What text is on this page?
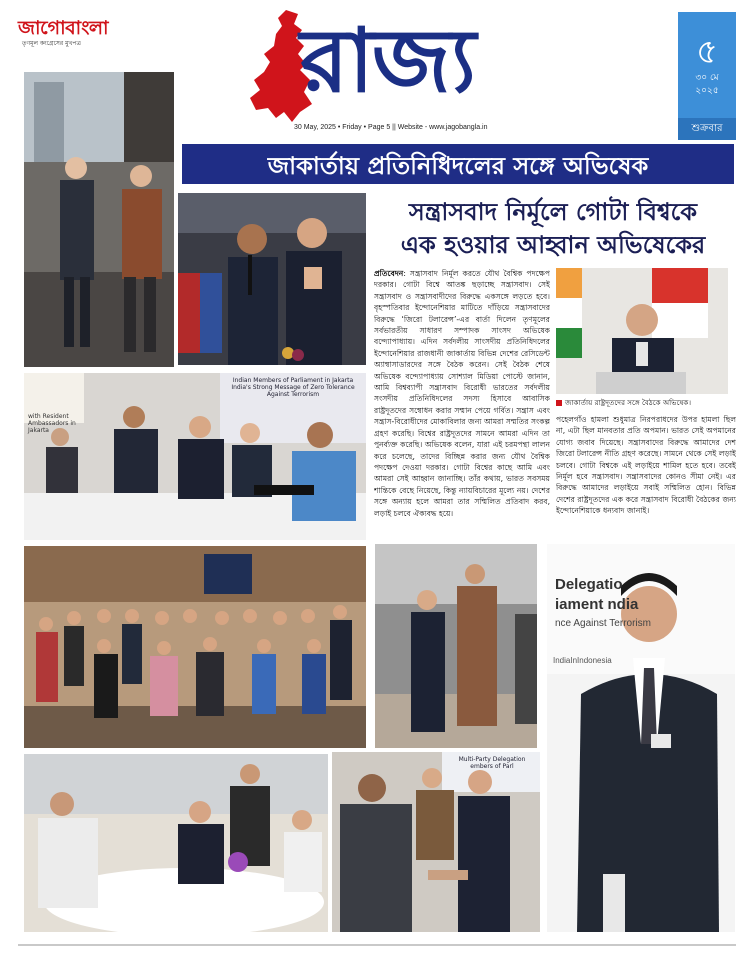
জাগোবাংলা
তৃণমূল কংগ্রেসের মুখপত্র রাজ্য
30 May, 2025 • Friday • Page 5 || Website - www.jagobangla.in
৫
৩০ মে
২০২৫
শুক্রবার
জাকার্তায় প্রতিনিধিদলের সঙ্গে অভিষেক
সন্ত্রাসবাদ নির্মূলে গোটা বিশ্বকে
এক হওয়ার আহ্বান অভিষেকের
প্রতিবেদন: সন্ত্রাসবাদ নির্মূল করতে যৌথ বৈশ্বিক পদক্ষেপ দরকার। গোটা বিশ্বে আতঙ্ক ছড়াচ্ছে সন্ত্রাসবাদ। সেই সন্ত্রাসবাদ ও সন্ত্রাসবাদীদের বিরুদ্ধে একসঙ্গে লড়তে হবে। বৃহস্পতিবার ইন্দোনেশিয়ার মাটিতে দাঁড়িয়ে সন্ত্রাসবাদের বিরুদ্ধে ‘জিরো টলারেন্স’-এর বার্তা দিলেন তৃণমূলের সর্বভারতীয় সাধারণ সম্পাদক সাংসদ অভিষেক বন্দ্যোপাধ্যায়। এদিন সর্বদলীয় সাংসদীয় প্রতিনিধিদলের ইন্দোনেশিয়ার রাজধানী জাকার্তায় বিভিন্ন দেশের রেসিডেন্ট অ্যাম্বাসাডারদের সঙ্গে বৈঠক করেন। সেই বৈঠক শেষে অভিষেক বন্দ্যোপাধ্যায় সোশ্যাল মিডিয়া পোস্টে জানান, আমি বিশ্বব্যাপী সন্ত্রাসবাদ বিরোধী ভারতের সর্বদলীয় সংসদীয় প্রতিনিধিদলের সদস্য হিসাবে আবাসিক রাষ্ট্রদূতদের সম্বোধন করার সম্মান পেয়ে গর্বিত। সন্ত্রাস এবং সন্ত্রাস-বিরোধীদের মোকাবিলার জন্য আমরা সম্মতির সংকল্প গ্রহণ করেছি। বিশ্বের রাষ্ট্রদূতদের সামনে আমরা এদিন তা পুনর্ব্যক্ত করেছি। অভিষেক বলেন, যারা এই চরমপন্থা লালন করে চলেছে, তাদের বিচ্ছিন্ন করার জন্য যৌথ বৈশ্বিক পদক্ষেপ দেওয়া দরকার। গোটা বিশ্বের কাছে আমি এবং আমরা সেই আহ্বান জানাচ্ছি। তাঁর কথায়, ভারত সবসময় শান্তিকে বেছে নিয়েছে, কিন্তু ন্যায়বিচারের মূল্যে নয়। দেশের সঙ্গে অন্যায় হলে আমরা তার সম্মিলিত প্রতিবাদ করব, লড়াই চলবে ঐক্যবদ্ধ হয়ে।
জাকার্তায় রাষ্ট্রদূতদের সঙ্গে বৈঠকে অভিষেক।
পহেলগাঁও হামলা শুধুমাত্র নিরপরাধদের উপর হামলা ছিল না, এটা ছিল মানবতার প্রতি অপমান। ভারত সেই অপমানের যোগ্য জবাব দিয়েছে। সন্ত্রাসবাদের বিরুদ্ধে আমাদের দেশ জিরো টলারেন্স নীতি গ্রহণ করেছে। সামনে থেকে সেই লড়াই চলবে। গোটা বিশ্বকে এই লড়াইয়ে শামিল হতে হবে। তবেই নির্মূল হবে সন্ত্রাসবাদ। সন্ত্রাসবাদের কোনও সীমা নেই। এর বিরুদ্ধে আমাদের লড়াইয়ে সবাই সম্মিলিত হোন। বিভিন্ন দেশের রাষ্ট্রদূতদের এক করে সন্ত্রাসবাদ বিরোধী বৈঠকের জন্য ইন্দোনেশিয়াকে ধন্যবাদ জানাই।
Indian Members of Parliament in Jakarta
India's Strong Message of Zero Tolerance Against Terrorism
with Resident Ambassadors in Jakarta
Delegatio
iament ndia
nce Against Terrorism
IndiaInIndonesia
Multi-Party Delegation
embers of Parl
